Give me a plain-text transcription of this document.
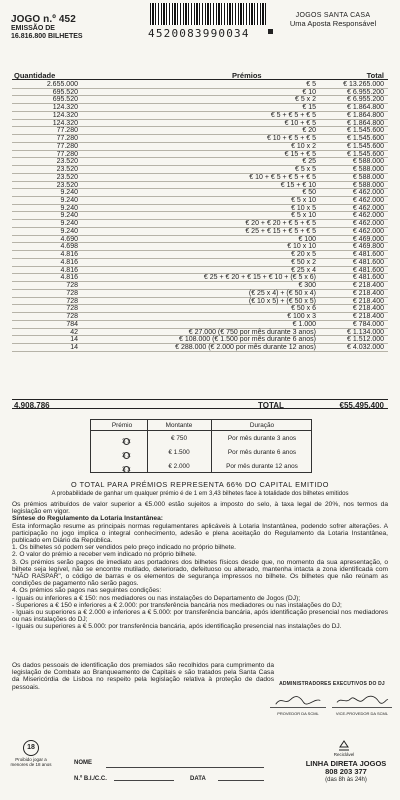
JOGO n.º 452
EMISSÃO DE
16.816.800 BILHETES	4520083990034
JOGOS SANTA CASA
Uma Aposta Responsável
Quantidade	Prémios	Total
2.655.000	€ 5	€ 13.265.000
695.520	€ 10	€ 6.955.200
695.520	€ 5 x 2	€ 6.955.200
124.320	€ 15	€ 1.864.800
124.320	€ 5 + € 5 + € 5	€ 1.864.800
124.320	€ 10 + € 5	€ 1.864.800
77.280	€ 20	€ 1.545.600
77.280	€ 10 + € 5 + € 5	€ 1.545.600
77.280	€ 10 x 2	€ 1.545.600
77.280	€ 15 + € 5	€ 1.545.600
23.520	€ 25	€ 588.000
23.520	€ 5 x 5	€ 588.000
23.520	€ 10 + € 5 + € 5 + € 5	€ 588.000
23.520	€ 15 + € 10	€ 588.000
9.240	€ 50	€ 462.000
9.240	€ 5 x 10	€ 462.000
9.240	€ 10 x 5	€ 462.000
9.240	€ 5 x 10	€ 462.000
9.240	€ 20 + € 20 + € 5 + € 5	€ 462.000
9.240	€ 25 + € 15 + € 5 + € 5	€ 462.000
4.690	€ 100	€ 469.000
4.698	€ 10 x 10	€ 469.800
4.816	€ 20 x 5	€ 481.600
4.816	€ 50 x 2	€ 481.600
4.816	€ 25 x 4	€ 481.600
4.816	€ 25 + € 20 + € 15 + € 10 + (€ 5 x 6)	€ 481.600
728	€ 300	€ 218.400
728	(€ 25 x 4) + (€ 50 x 4)	€ 218.400
728	(€ 10 x 5) + (€ 50 x 5)	€ 218.400
728	€ 50 x 6	€ 218.400
728	€ 100 x 3	€ 218.400
784	€ 1.000	€ 784.000
42	€ 27.000 (€ 750 por mês durante 3 anos)	€ 1.134.000
14	€ 108.000 (€ 1.500 por mês durante 6 anos)	€ 1.512.000
14	€ 288.000 (€ 2.000 por mês durante 12 anos)	€ 4.032.000
4.908.786	TOTAL	€55.495.400
Prémio	Montante	Duração
3 x	€ 750	Por mês durante 3 anos
3 x	€ 1.500	Por mês durante 6 anos
3 x	€ 2.000	Por mês durante 12 anos
O TOTAL PARA PRÉMIOS REPRESENTA 66% DO CAPITAL EMITIDO
A probabilidade de ganhar um qualquer prémio é de 1 em 3,43 bilhetes face à totalidade dos bilhetes emitidos

Os prémios atribuídos de valor superior a €5.000 estão sujeitos a imposto do selo, à taxa legal de 20%, nos termos da legislação em vigor.

Síntese do Regulamento da Lotaria Instantânea:

Esta informação resume as principais normas regulamentares aplicáveis à Lotaria Instantânea, podendo sofrer alterações. A participação no jogo implica o integral conhecimento, adesão e plena aceitação do Regulamento da Lotaria Instantânea, publicado em Diário da República.

1. Os bilhetes só podem ser vendidos pelo preço indicado no próprio bilhete.

2. O valor do prémio a receber vem indicado no próprio bilhete.

3. Os prémios serão pagos de imediato aos portadores dos bilhetes físicos desde que, no momento da sua apresentação, o bilhete seja legível, não se encontre mutilado, deteriorado, defeituoso ou alterado, mantenha intacta a zona identificada com "NÃO RASPAR", o código de barras e os elementos de segurança impressos no bilhete. Os bilhetes que não reúnam as condições de pagamento não serão pagos.

4. Os prémios são pagos nas seguintes condições:

- Iguais ou inferiores a € 150: nos mediadores ou nas instalações do Departamento de Jogos (DJ);

- Superiores a € 150 e inferiores a € 2.000: por transferência bancária nos mediadores ou nas instalações do DJ;

- Iguais ou superiores a € 2.000 e inferiores a € 5.000: por transferência bancária, após identificação presencial nos mediadores ou nas instalações do DJ;

- Iguais ou superiores a € 5.000: por transferência bancária, após identificação presencial nas instalações do DJ.

Os dados pessoais de identificação dos premiados são recolhidos para cumprimento da legislação de Combate ao Branqueamento de Capitais e são tratados pela Santa Casa da Misericórdia de Lisboa no respeito pela legislação relativa à proteção de dados pessoais.	ADMINISTRADORES EXECUTIVOS DO DJ
PROVEDOR DA SCML	VICE-PROVEDOR DA SCML
18
Proibido jogar a menores de 18 anos	NOME
N.º B.I./C.C.	DATA
Reciclável
LINHA DIRETA JOGOS
808 203 377
(das 8h às 24h)
